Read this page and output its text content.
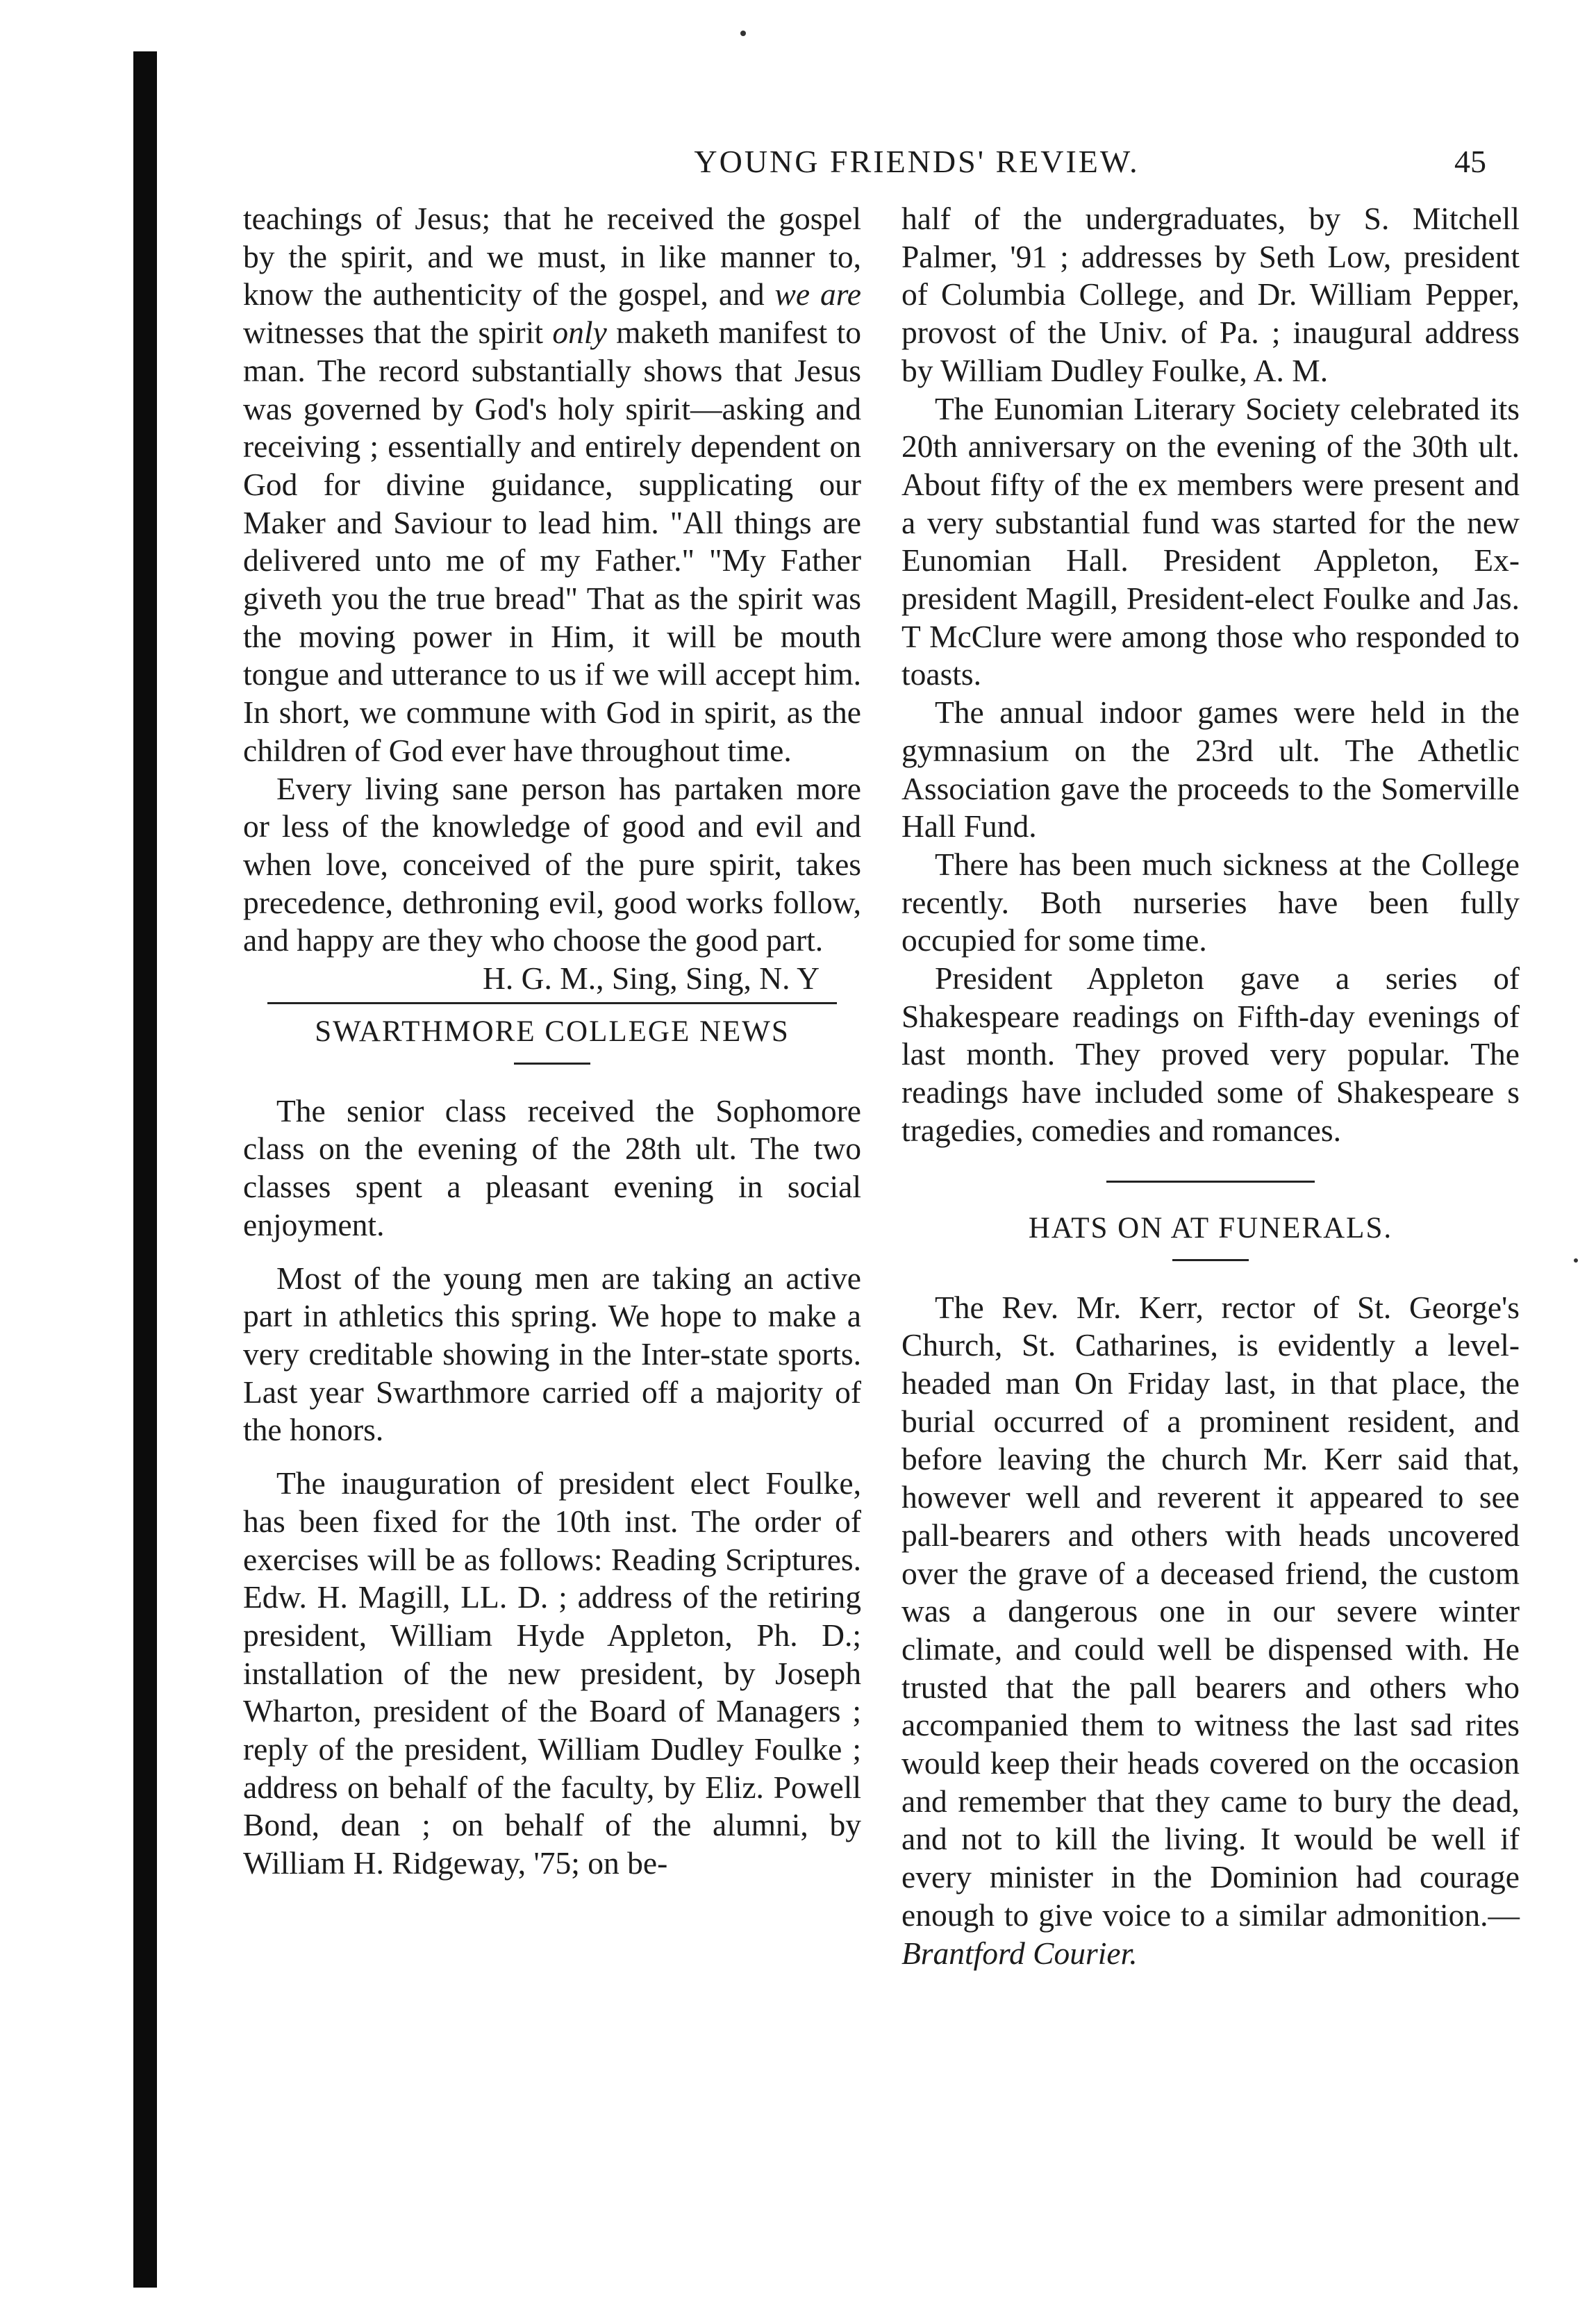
YOUNG FRIENDS' REVIEW.	45

teachings of Jesus; that he received the gospel by the spirit, and we must, in like manner to, know the authenticity of the gospel, and we are witnesses that the spirit only maketh manifest to man. The record substantially shows that Jesus was governed by God's holy spirit—asking and receiving ; essentially and entirely dependent on God for divine guidance, supplicating our Maker and Saviour to lead him. "All things are delivered unto me of my Father." "My Father giveth you the true bread" That as the spirit was the moving power in Him, it will be mouth tongue and utterance to us if we will accept him. In short, we commune with God in spirit, as the children of God ever have throughout time.

Every living sane person has partaken more or less of the knowledge of good and evil and when love, conceived of the pure spirit, takes precedence, dethroning evil, good works follow, and happy are they who choose the good part.

H. G. M., Sing, Sing, N. Y

SWARTHMORE COLLEGE NEWS

The senior class received the Sophomore class on the evening of the 28th ult. The two classes spent a pleasant evening in social enjoyment.

Most of the young men are taking an active part in athletics this spring. We hope to make a very creditable showing in the Inter-state sports. Last year Swarthmore carried off a majority of the honors.

The inauguration of president elect Foulke, has been fixed for the 10th inst. The order of exercises will be as follows: Reading Scriptures. Edw. H. Magill, LL. D. ; address of the retiring president, William Hyde Appleton, Ph. D.; installation of the new president, by Joseph Wharton, president of the Board of Managers ; reply of the president, William Dudley Foulke ; address on behalf of the faculty, by Eliz. Powell Bond, dean ; on behalf of the alumni, by William H. Ridgeway, '75; on be-

half of the undergraduates, by S. Mitchell Palmer, '91 ; addresses by Seth Low, president of Columbia College, and Dr. William Pepper, provost of the Univ. of Pa. ; inaugural address by William Dudley Foulke, A. M.

The Eunomian Literary Society celebrated its 20th anniversary on the evening of the 30th ult. About fifty of the ex members were present and a very substantial fund was started for the new Eunomian Hall. President Appleton, Ex-president Magill, President-elect Foulke and Jas. T McClure were among those who responded to toasts.

The annual indoor games were held in the gymnasium on the 23rd ult. The Athetlic Association gave the proceeds to the Somerville Hall Fund.

There has been much sickness at the College recently. Both nurseries have been fully occupied for some time.

President Appleton gave a series of Shakespeare readings on Fifth-day evenings of last month. They proved very popular. The readings have included some of Shakespeare s tragedies, comedies and romances.

HATS ON AT FUNERALS.

The Rev. Mr. Kerr, rector of St. George's Church, St. Catharines, is evidently a level-headed man On Friday last, in that place, the burial occurred of a prominent resident, and before leaving the church Mr. Kerr said that, however well and reverent it appeared to see pall-bearers and others with heads uncovered over the grave of a deceased friend, the custom was a dangerous one in our severe winter climate, and could well be dispensed with. He trusted that the pall bearers and others who accompanied them to witness the last sad rites would keep their heads covered on the occasion and remember that they came to bury the dead, and not to kill the living. It would be well if every minister in the Dominion had courage enough to give voice to a similar admonition.—Brantford Courier.
